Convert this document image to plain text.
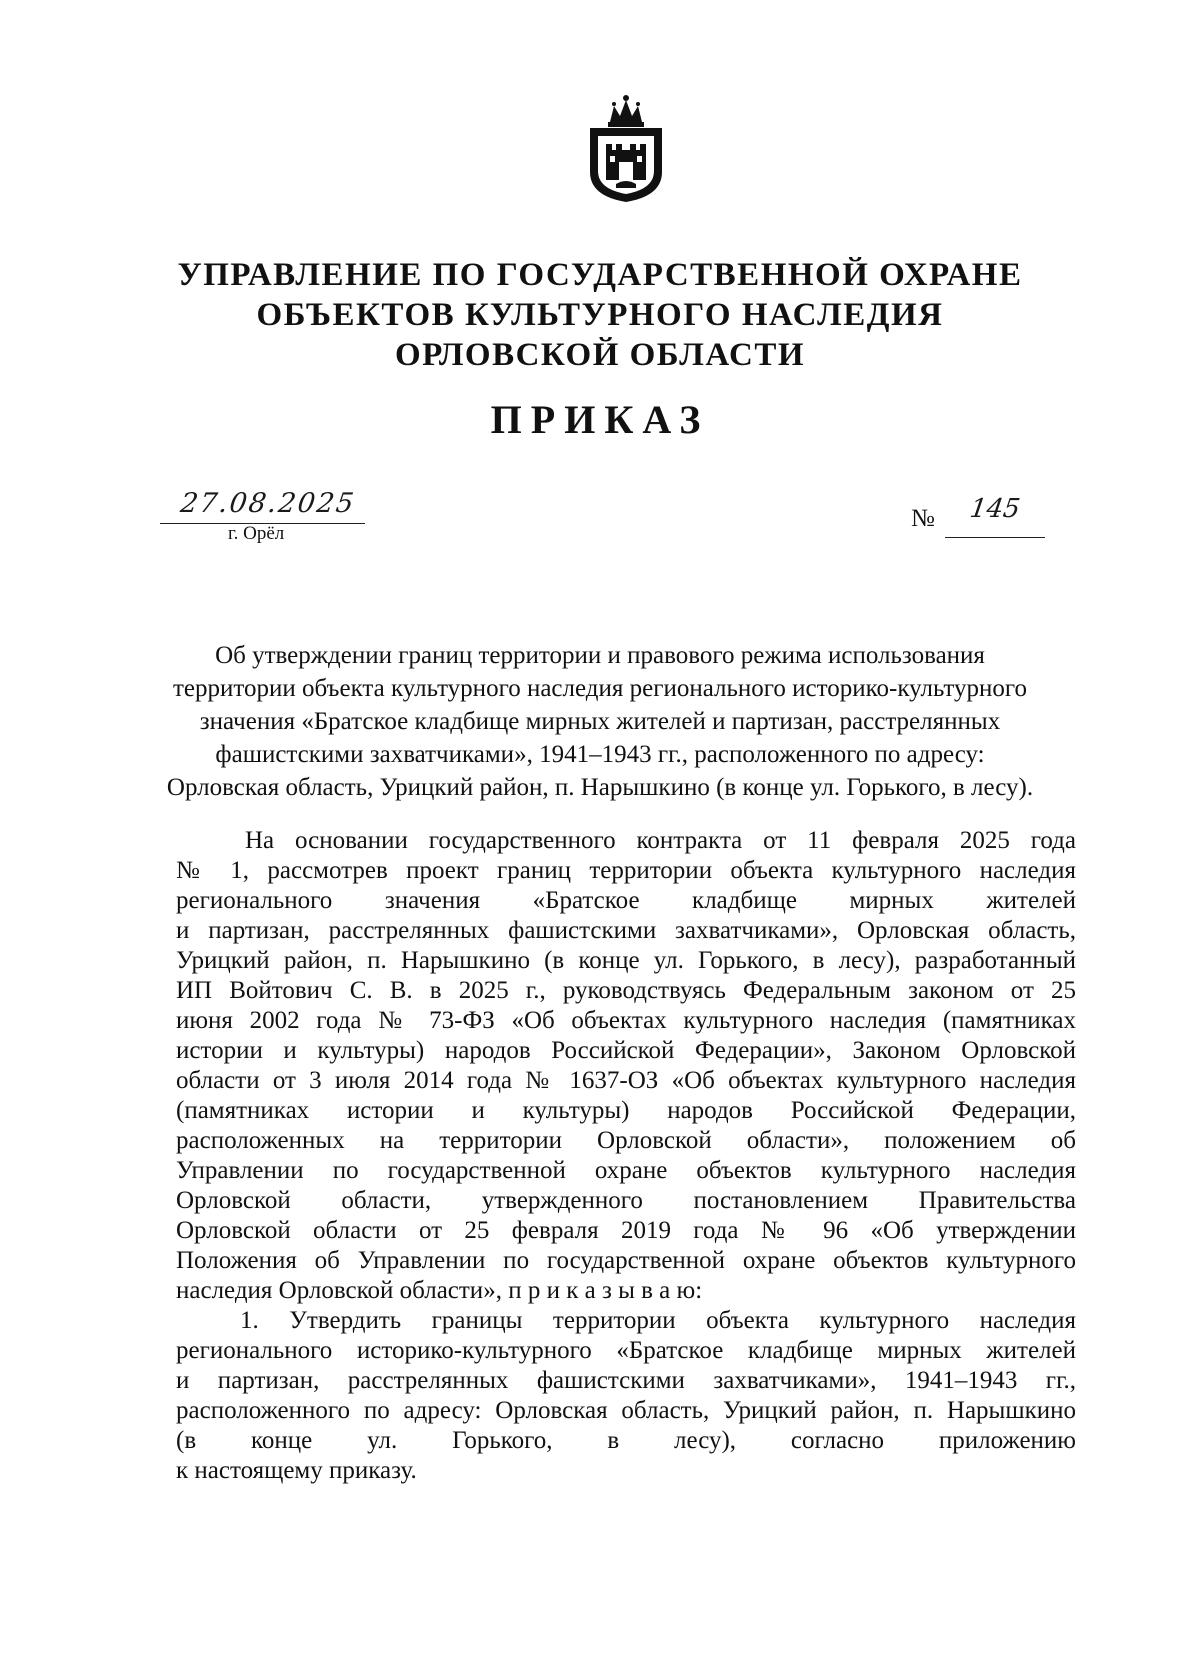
УПРАВЛЕНИЕ ПО ГОСУДАРСТВЕННОЙ ОХРАНЕ
ОБЪЕКТОВ КУЛЬТУРНОГО НАСЛЕДИЯ
ОРЛОВСКОЙ ОБЛАСТИ
ПРИКАЗ
27.08.2025
г. Орёл
№	145
Об утверждении границ территории и правового режима использования
территории объекта культурного наследия регионального историко-культурного
значения «Братское кладбище мирных жителей и партизан, расстрелянных
фашистскими захватчиками», 1941–1943 гг., расположенного по адресу:
Орловская область, Урицкий район, п. Нарышкино (в конце ул. Горького, в лесу).
На основании государственного контракта от 11 февраля 2025 года
№ 1, рассмотрев проект границ территории объекта культурного наследия
регионального значения «Братское кладбище мирных жителей
и партизан, расстрелянных фашистскими захватчиками», Орловская область,
Урицкий район, п. Нарышкино (в конце ул. Горького, в лесу), разработанный
ИП Войтович С. В. в 2025 г., руководствуясь Федеральным законом от 25
июня 2002 года № 73-ФЗ «Об объектах культурного наследия (памятниках
истории и культуры) народов Российской Федерации», Законом Орловской
области от 3 июля 2014 года № 1637-ОЗ «Об объектах культурного наследия
(памятниках истории и культуры) народов Российской Федерации,
расположенных на территории Орловской области», положением об
Управлении по государственной охране объектов культурного наследия
Орловской области, утвержденного постановлением Правительства
Орловской области от 25 февраля 2019 года № 96 «Об утверждении
Положения об Управлении по государственной охране объектов культурного
наследия Орловской области», п р и к а з ы в а ю:
1. Утвердить границы территории объекта культурного наследия
регионального историко-культурного «Братское кладбище мирных жителей
и партизан, расстрелянных фашистскими захватчиками», 1941–1943 гг.,
расположенного по адресу: Орловская область, Урицкий район, п. Нарышкино
(в конце ул. Горького, в лесу), согласно приложению
к настоящему приказу.
